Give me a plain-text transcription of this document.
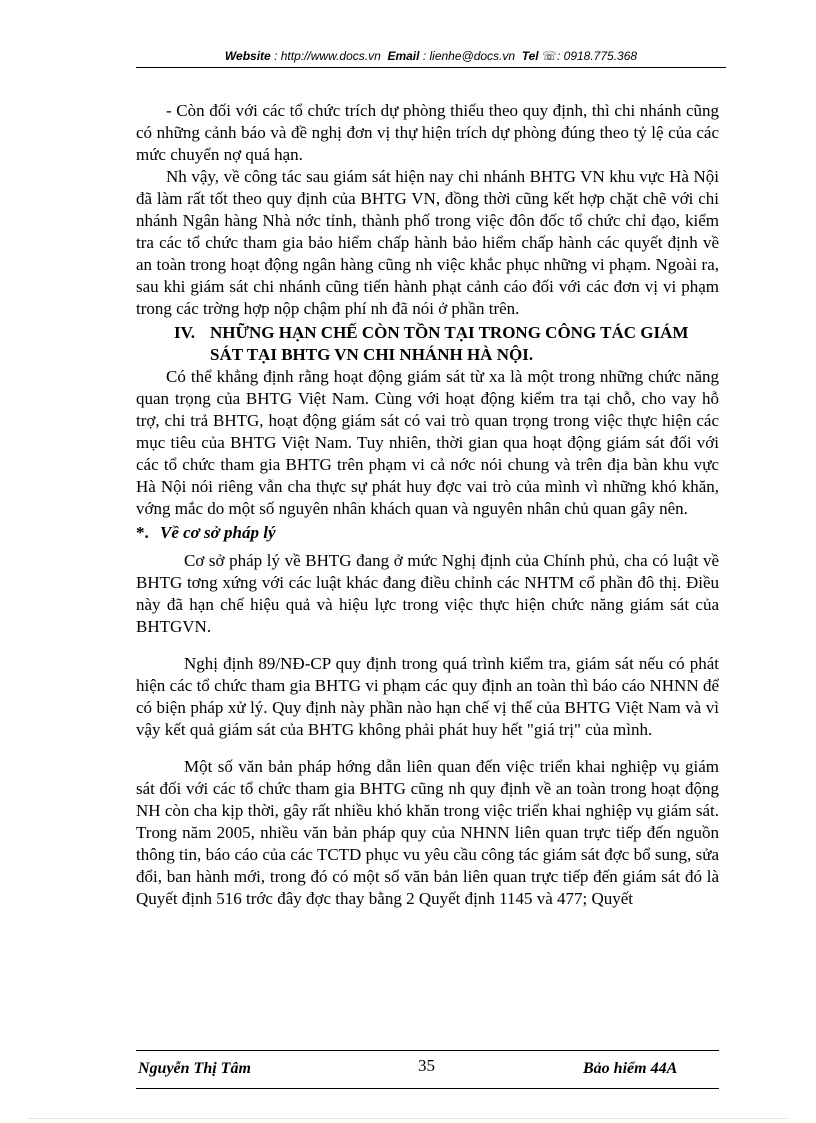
Website : http://www.docs.vn Email : lienhe@docs.vn Tel ☏: 0918.775.368

- Còn đối với các tổ chức trích dự phòng thiếu theo quy định, thì chi nhánh cũng có những cảnh báo và đề nghị đơn vị thự hiện trích dự phòng đúng theo tỷ lệ của các mức chuyển nợ quá hạn.

Nh vậy, về công tác sau giám sát hiện nay chi nhánh BHTG VN khu vực Hà Nội đã làm rất tốt theo quy định của BHTG VN, đồng thời cũng kết hợp chặt chẽ với chi nhánh Ngân hàng Nhà nớc tỉnh, thành phố trong việc đôn đốc tổ chức chỉ đạo, kiểm tra các tổ chức tham gia bảo hiểm chấp hành bảo hiểm chấp hành các quyết định về an toàn trong hoạt động ngân hàng cũng nh việc khắc phục những vi phạm. Ngoài ra, sau khi giám sát chi nhánh cũng tiến hành phạt cảnh cáo đối với các đơn vị vi phạm trong các trờng hợp nộp chậm phí nh đã nói ở phần trên.

IV. NHỮNG HẠN CHẾ CÒN TỒN TẠI TRONG CÔNG TÁC GIÁM SÁT TẠI BHTG VN CHI NHÁNH HÀ NỘI.

Có thể khẳng định rằng hoạt động giám sát từ xa là một trong những chức năng quan trọng của BHTG Việt Nam. Cùng với hoạt động kiểm tra tại chỗ, cho vay hỗ trợ, chi trả BHTG, hoạt động giám sát có vai trò quan trọng trong việc thực hiện các mục tiêu của BHTG Việt Nam. Tuy nhiên, thời gian qua hoạt động giám sát đối với các tổ chức tham gia BHTG trên phạm vi cả nớc nói chung và trên địa bàn khu vực Hà Nội nói riêng vẫn cha thực sự phát huy đợc vai trò của mình vì những khó khăn, vớng mắc do một số nguyên nhân khách quan và nguyên nhân chủ quan gây nên.

*. Về cơ sở pháp lý

Cơ sở pháp lý về BHTG đang ở mức Nghị định của Chính phủ, cha có luật về BHTG tơng xứng với các luật khác đang điều chỉnh các NHTM cổ phần đô thị. Điều này đã hạn chế hiệu quả và hiệu lực trong việc thực hiện chức năng giám sát của BHTGVN.

Nghị định 89/NĐ-CP quy định trong quá trình kiểm tra, giám sát nếu có phát hiện các tổ chức tham gia BHTG vi phạm các quy định an toàn thì báo cáo NHNN để có biện pháp xử lý. Quy định này phần nào hạn chế vị thế của BHTG Việt Nam và vì vậy kết quả giám sát của BHTG không phải phát huy hết "giá trị" của mình.

Một số văn bản pháp hớng dẫn liên quan đến việc triển khai nghiệp vụ giám sát đối với các tổ chức tham gia BHTG cũng nh quy định về an toàn trong hoạt động NH còn cha kịp thời, gây rất nhiều khó khăn trong việc triển khai nghiệp vụ giám sát. Trong năm 2005, nhiều văn bản pháp quy của NHNN liên quan trực tiếp đến nguồn thông tin, báo cáo của các TCTD phục vu yêu cầu công tác giám sát đợc bổ sung, sửa đổi, ban hành mới, trong đó có một số văn bản liên quan trực tiếp đến giám sát đó là Quyết định 516 trớc đây đợc thay bằng 2 Quyết định 1145 và 477; Quyết

Nguyễn Thị Tâm	35	Bảo hiểm 44A
